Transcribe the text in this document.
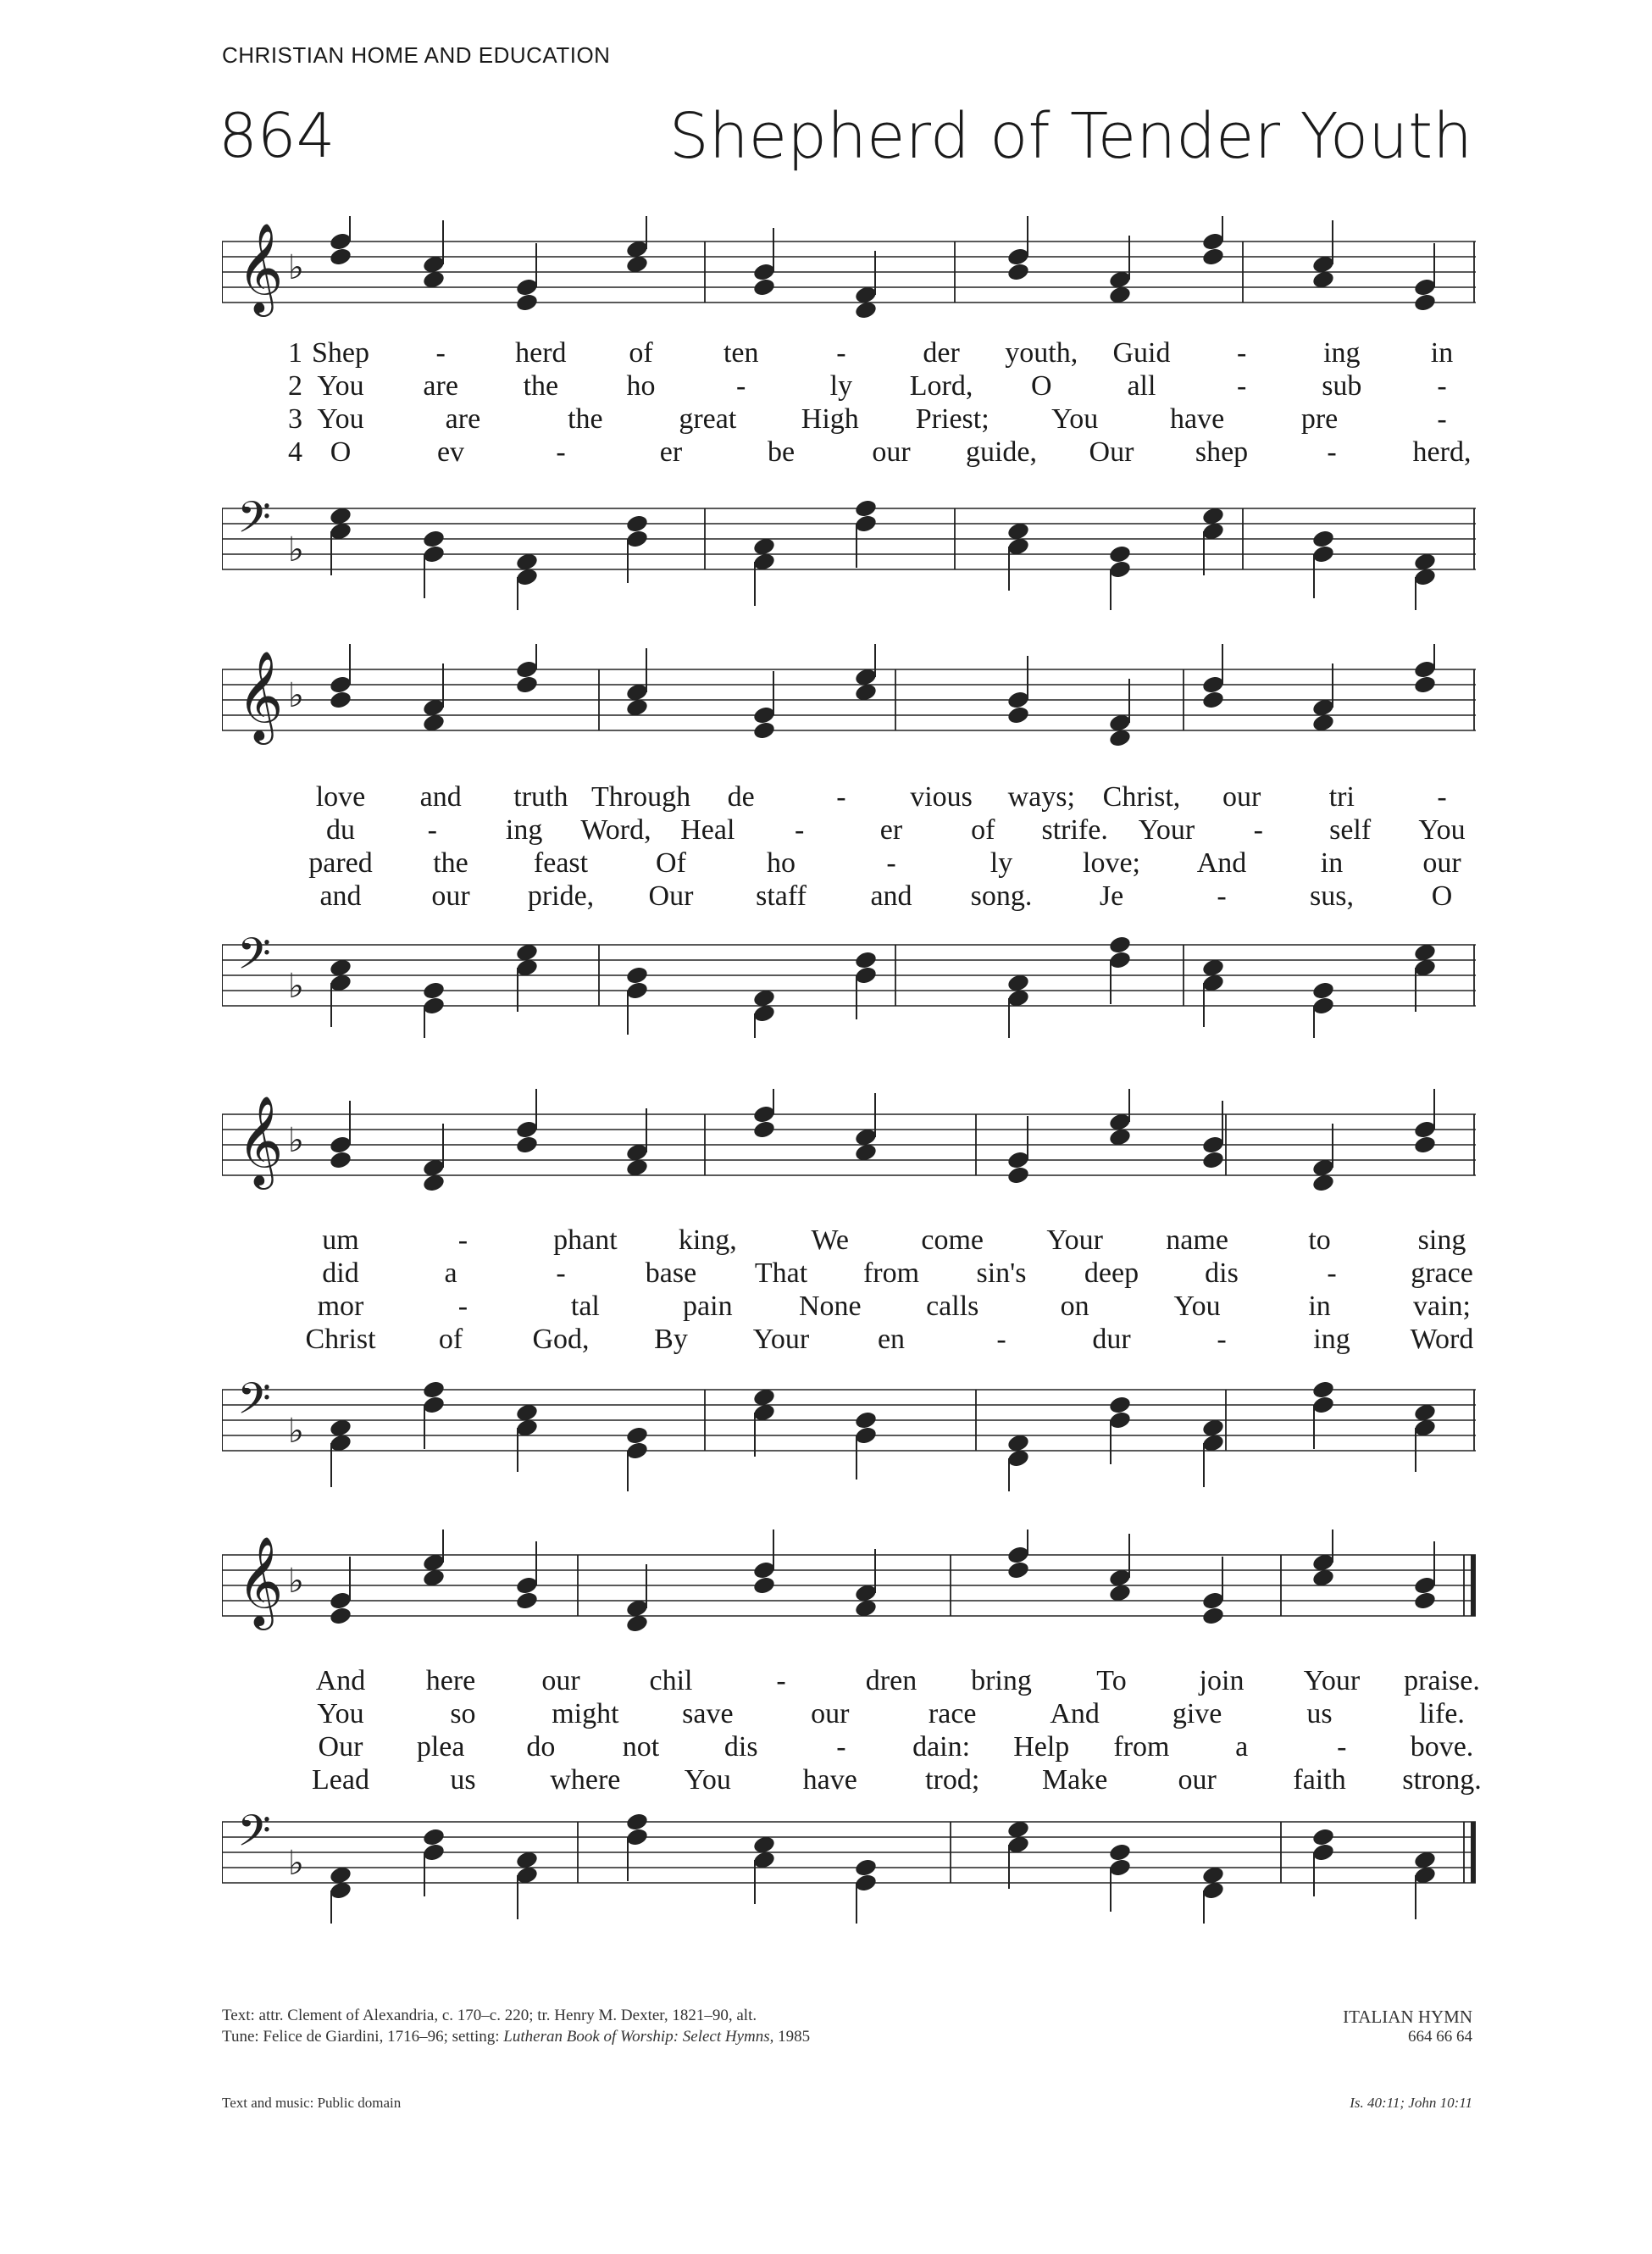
CHRISTIAN HOME AND EDUCATION
864	Shepherd of Tender Youth
𝄞 ♭
1 Shep - herd of ten	-	der youth, Guid -	ing in
2 You are the ho	-	ly Lord, O	all	-	sub	-
3 You	are	the	great High Priest; You have	pre	-
4 O	ev	-	er	be	our guide, Our shep	-	herd,
𝄢 ♭
𝄞 ♭
love and truth Through de	- vious ways; Christ, our tri	-
du	- ing Word, Heal -	er of strife. Your - self You
pared the feast Of	ho	-	ly love; And	in	our
and our pride, Our staff and song. Je	-	sus,	O
𝄢 ♭
𝄞 ♭
um	-	phant king,	We	come Your name	to	sing
did	a	-	base That from sin's deep dis	-	grace
mor	-	tal	pain None calls	on	You	in	vain;
Christ of God, By Your en	-	dur	-	ing Word
𝄢 ♭
𝄞 ♭
And here our chil	-	dren bring To	join Your praise.
You	so	might save	our	race	And	give	us	life.
Our plea do not dis	- dain: Help from a	- bove.
Lead	us	where You have trod; Make our	faith strong.
𝄢 ♭
Text: attr. Clement of Alexandria, c. 170–c. 220; tr. Henry M. Dexter, 1821–90, alt.
Tune: Felice de Giardini, 1716–96; setting: Lutheran Book of Worship: Select Hymns, 1985
ITALIAN HYMN
664 66 64
Text and music: Public domain	Is. 40:11; John 10:11
